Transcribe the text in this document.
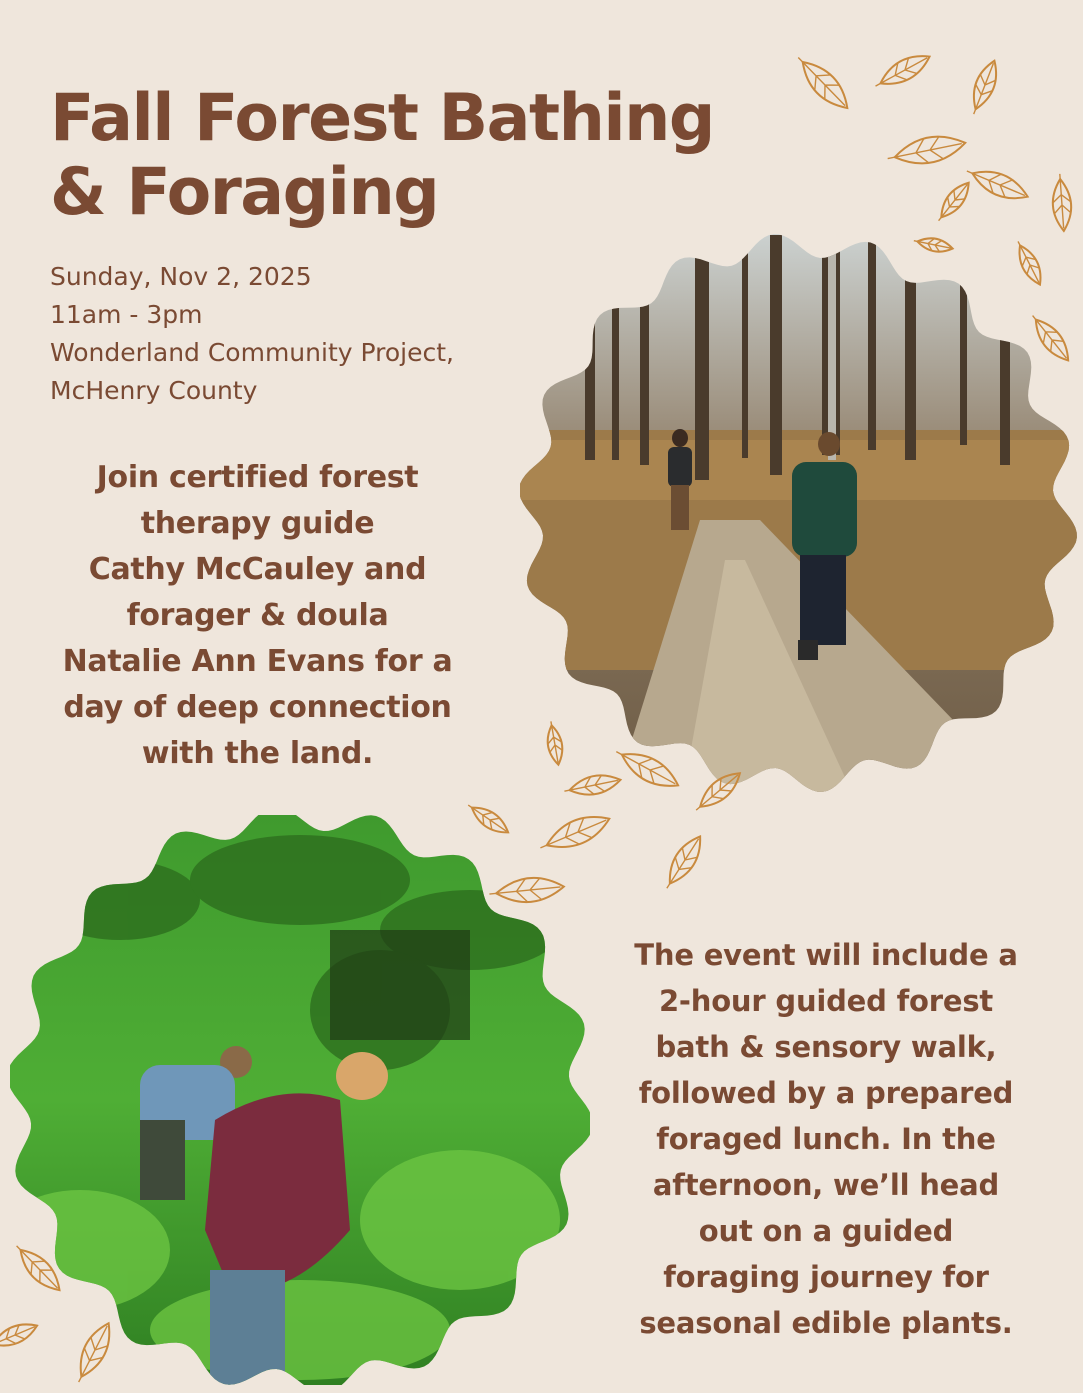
Fall Forest Bathing
& Foraging
Sunday, Nov 2, 2025
11am - 3pm
Wonderland Community Project,
McHenry County
Join certified forest
therapy guide
Cathy McCauley and
forager & doula
Natalie Ann Evans for a
day of deep connection
with the land.
The event will include a
2-hour guided forest
bath & sensory walk,
followed by a prepared
foraged lunch. In the
afternoon, we’ll head
out on a guided
foraging journey for
seasonal edible plants.
